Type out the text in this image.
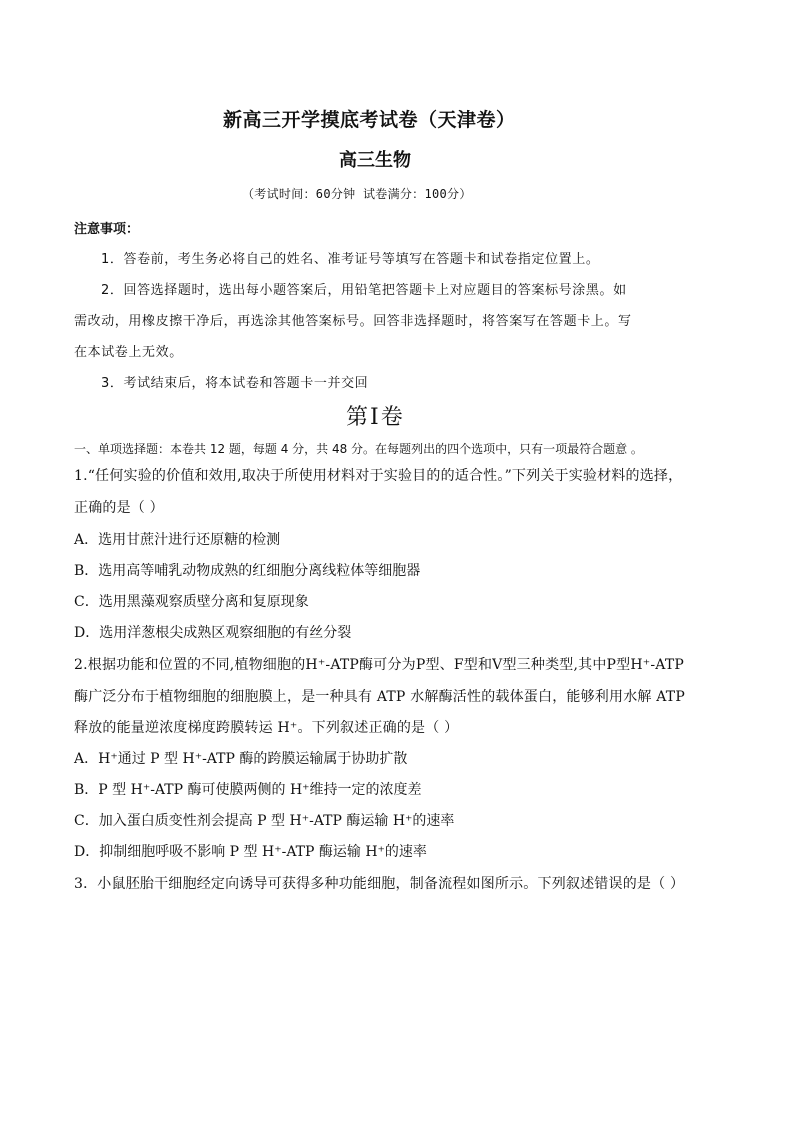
新高三开学摸底考试卷（天津卷）
高三生物
（考试时间：60分钟 试卷满分：100分）
注意事项：
1．答卷前，考生务必将自己的姓名、准考证号等填写在答题卡和试卷指定位置上。
2．回答选择题时，选出每小题答案后，用铅笔把答题卡上对应题目的答案标号涂黑。如
需改动，用橡皮擦干净后，再选涂其他答案标号。回答非选择题时，将答案写在答题卡上。写
在本试卷上无效。
3．考试结束后，将本试卷和答题卡一并交回
第Ⅰ卷
一、单项选择题：本卷共 12 题，每题 4 分，共 48 分。在每题列出的四个选项中，只有一项最符合题意 。
1.“任何实验的价值和效用,取决于所使用材料对于实验目的的适合性。”下列关于实验材料的选择，
正确的是（ ）
A．选用甘蔗汁进行还原糖的检测
B．选用高等哺乳动物成熟的红细胞分离线粒体等细胞器
C．选用黑藻观察质壁分离和复原现象
D．选用洋葱根尖成熟区观察细胞的有丝分裂
2.根据功能和位置的不同,植物细胞的H⁺-ATP酶可分为P型、F型和V型三种类型,其中P型H⁺-ATP
酶广泛分布于植物细胞的细胞膜上，是一种具有 ATP 水解酶活性的载体蛋白，能够利用水解 ATP
释放的能量逆浓度梯度跨膜转运 H⁺。下列叙述正确的是（ ）
A．H⁺通过 P 型 H⁺-ATP 酶的跨膜运输属于协助扩散
B．P 型 H⁺-ATP 酶可使膜两侧的 H⁺维持一定的浓度差
C．加入蛋白质变性剂会提高 P 型 H⁺-ATP 酶运输 H⁺的速率
D．抑制细胞呼吸不影响 P 型 H⁺-ATP 酶运输 H⁺的速率
3．小鼠胚胎干细胞经定向诱导可获得多种功能细胞，制备流程如图所示。下列叙述错误的是（ ）
